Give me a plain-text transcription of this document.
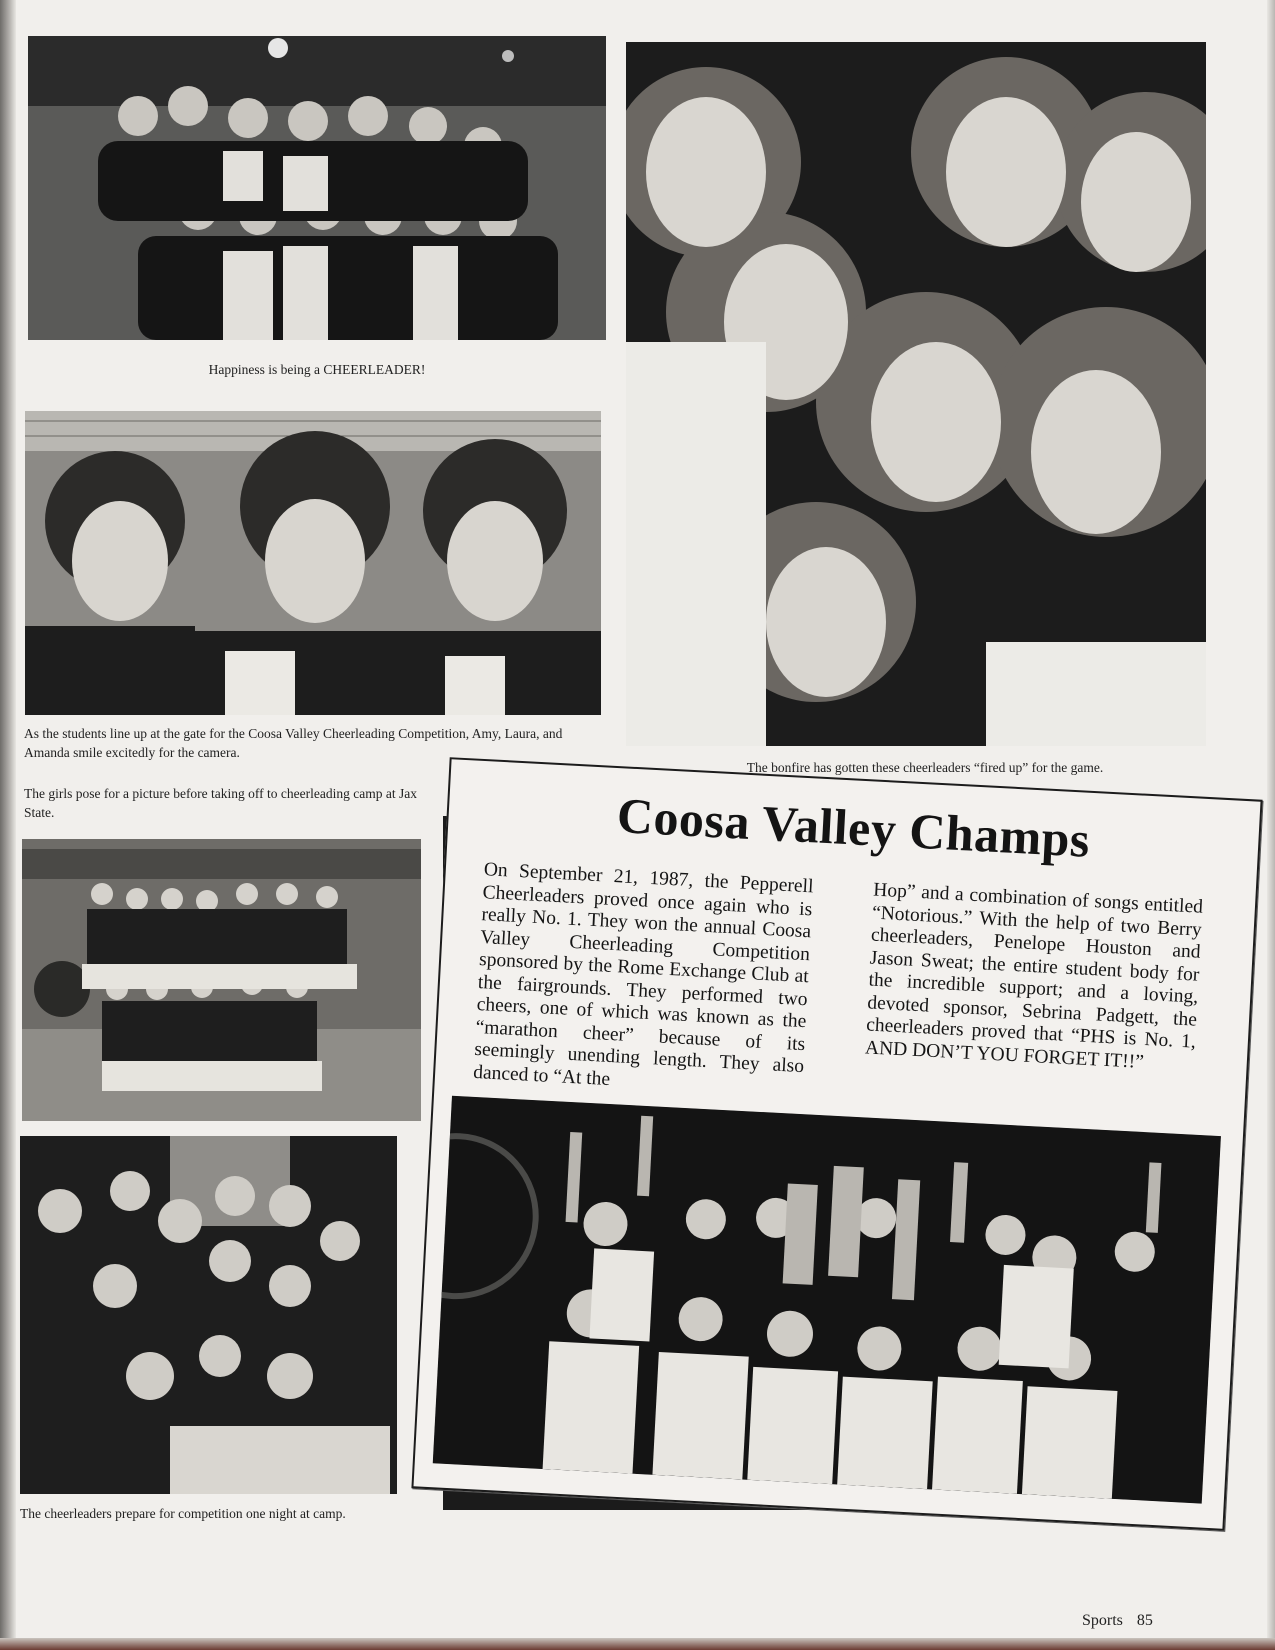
Happiness is being a CHEERLEADER!
The bonfire has gotten these cheerleaders “fired up” for the game.
As the students line up at the gate for the Coosa Valley Cheerleading Competition, Amy, Laura, and Amanda smile excitedly for the camera.
The girls pose for a picture before taking off to cheerleading camp at Jax State.
The cheerleaders prepare for competition one night at camp.
Coosa Valley Champs
On September 21, 1987, the Pepperell Cheerleaders proved once again who is really No. 1. They won the annual Coosa Valley Cheerleading Competition sponsored by the Rome Exchange Club at the fairgrounds. They performed two cheers, one of which was known as the “marathon cheer” because of its seemingly unending length. They also danced to “At the
Hop” and a combination of songs entitled “Notorious.” With the help of two Berry cheerleaders, Penelope Houston and Jason Sweat; the entire student body for the incredible support; and a loving, devoted sponsor, Sebrina Padgett, the cheerleaders proved that “PHS is No. 1, AND DON’T YOU FORGET IT!!”
Sports 85
